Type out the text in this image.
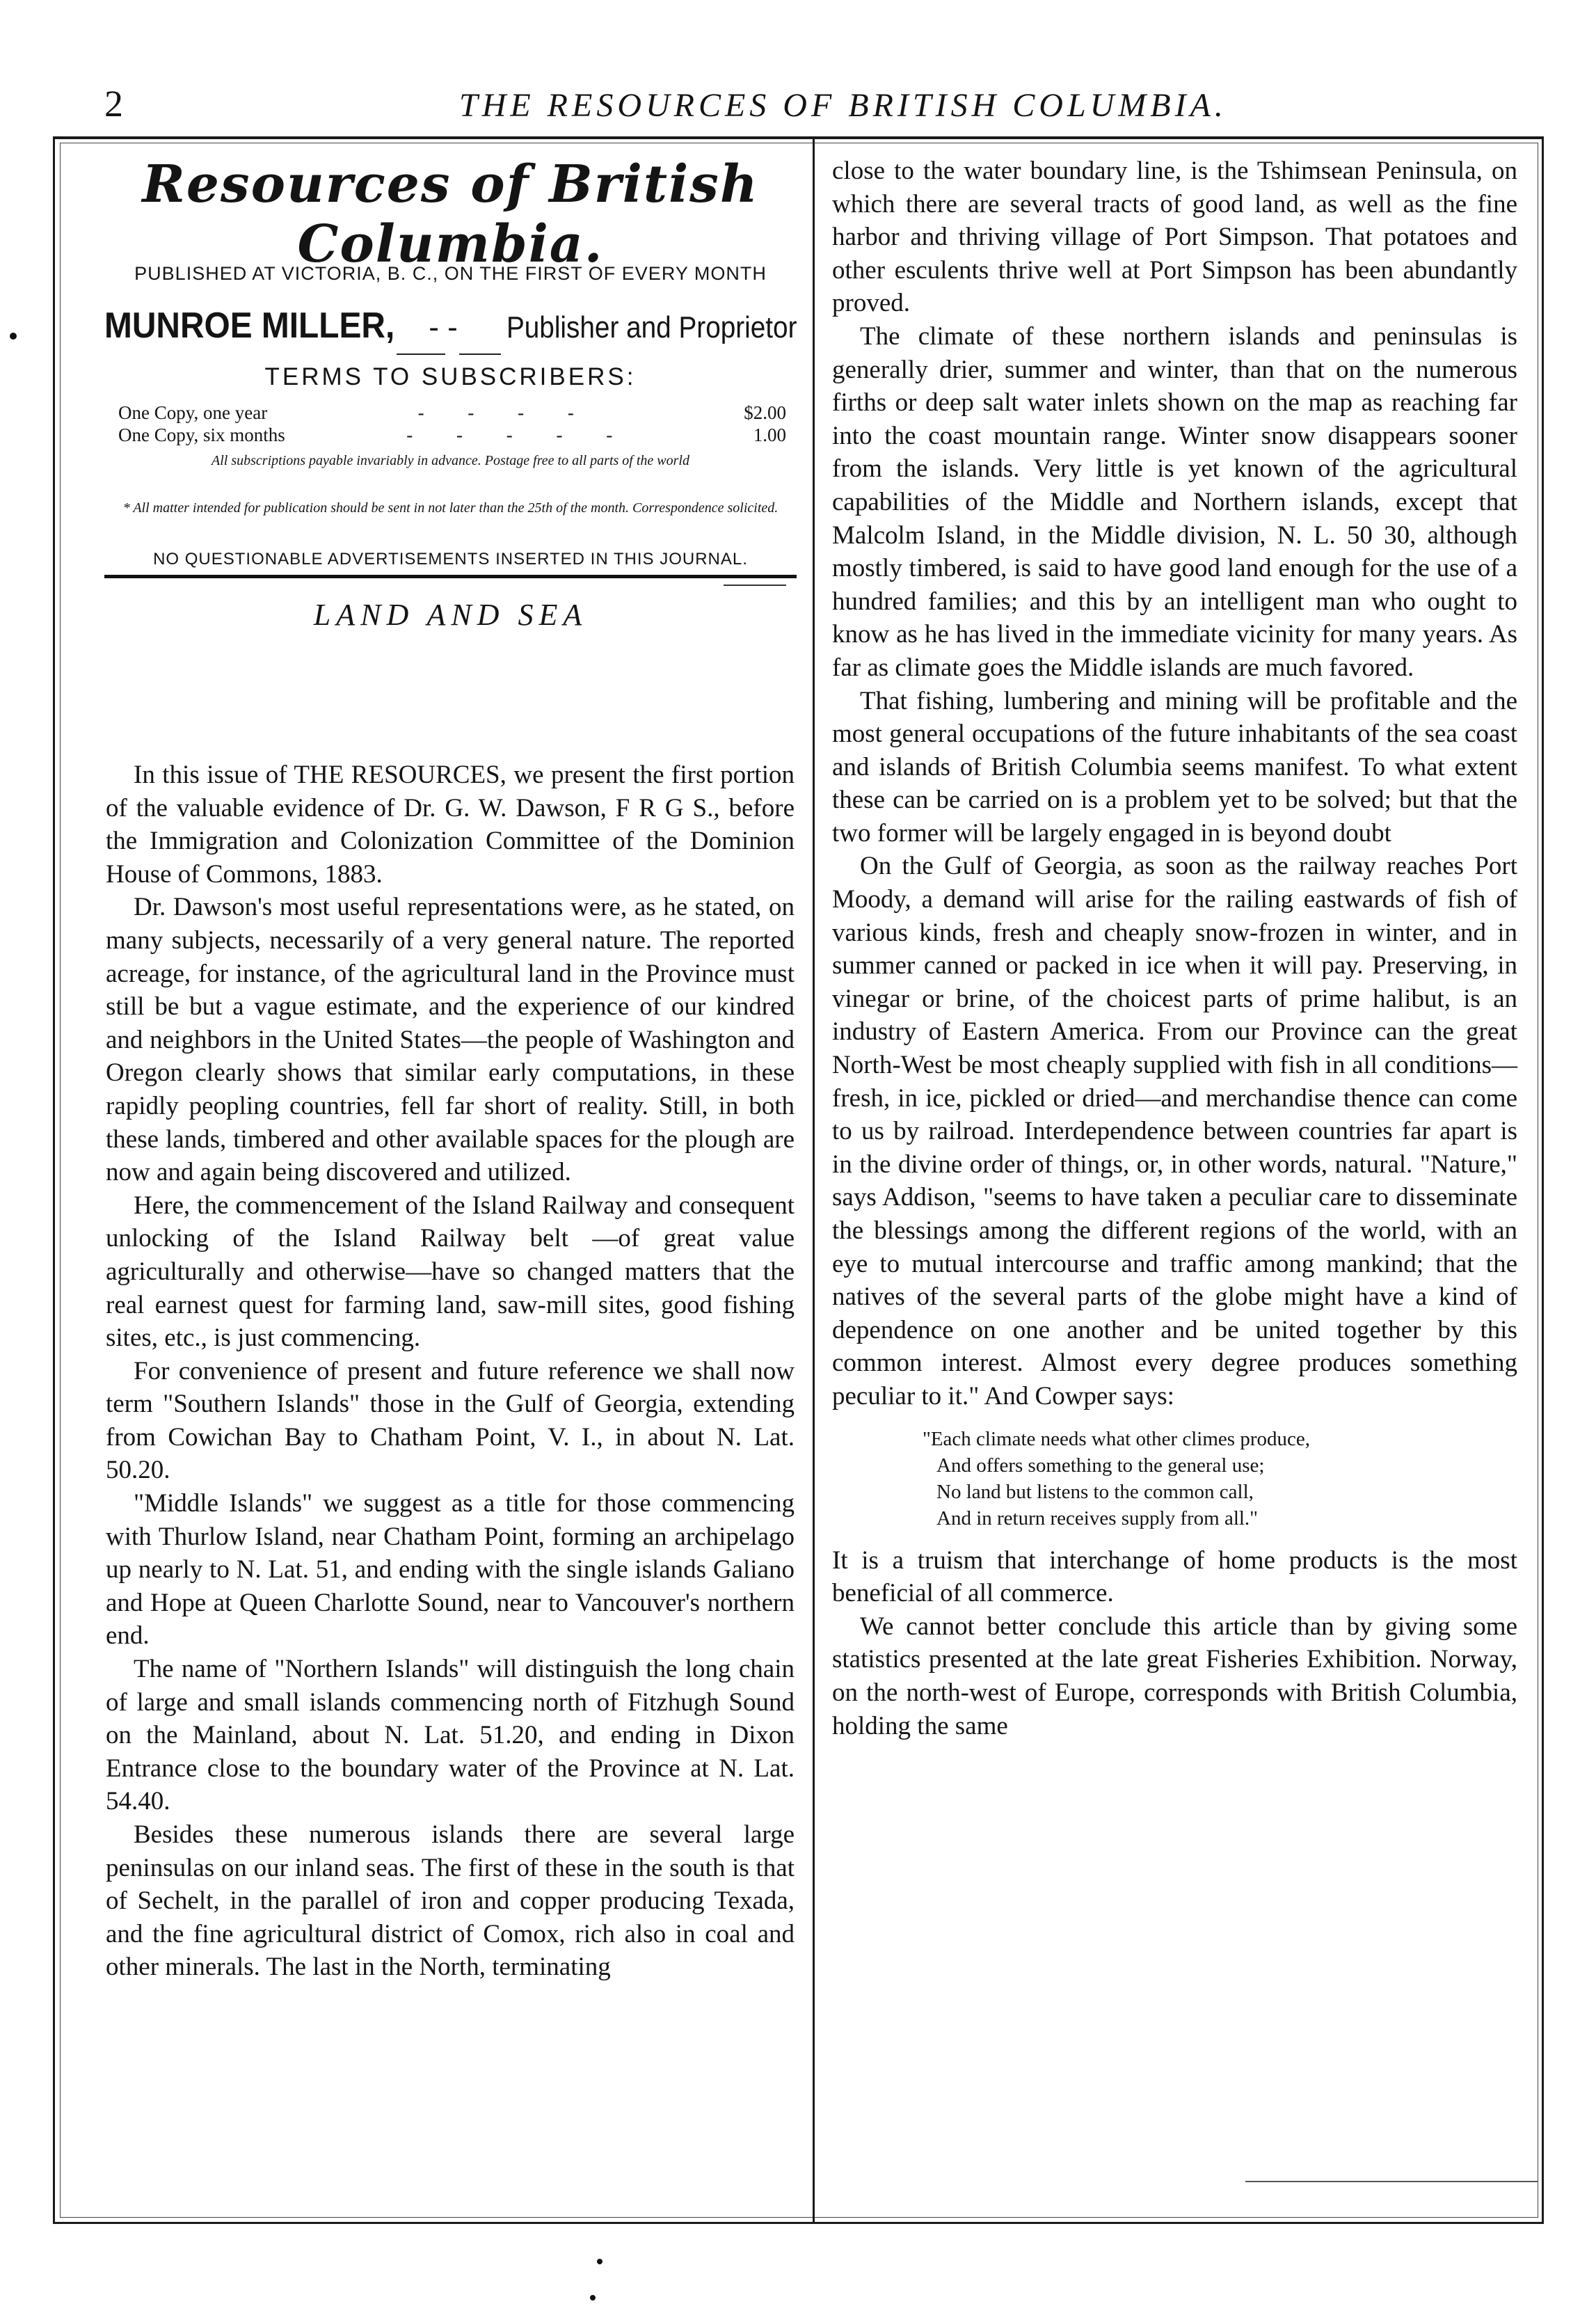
2	THE RESOURCES OF BRITISH COLUMBIA.
Resources of British Columbia.
PUBLISHED AT VICTORIA, B. C., ON THE FIRST OF EVERY MONTH
MUNROE MILLER, - - Publisher and Proprietor
TERMS TO SUBSCRIBERS:
One Copy, one year	- - - -	$2.00
One Copy, six months	- - - - -	1.00
All subscriptions payable invariably in advance. Postage free to all parts of the world
* All matter intended for publication should be sent in not later than the 25th of the month. Correspondence solicited.
NO QUESTIONABLE ADVERTISEMENTS INSERTED IN THIS JOURNAL.
LAND AND SEA

In this issue of THE RESOURCES, we present the first portion of the valuable evidence of Dr. G. W. Dawson, F R G S., before the Immigration and Colonization Committee of the Dominion House of Commons, 1883.

Dr. Dawson's most useful representations were, as he stated, on many subjects, necessarily of a very general nature. The reported acreage, for instance, of the agricultural land in the Province must still be but a vague estimate, and the experience of our kindred and neighbors in the United States—the people of Washington and Oregon clearly shows that similar early computations, in these rapidly peopling countries, fell far short of reality. Still, in both these lands, timbered and other available spaces for the plough are now and again being discovered and utilized.

Here, the commencement of the Island Railway and consequent unlocking of the Island Railway belt —of great value agriculturally and otherwise—have so changed matters that the real earnest quest for farming land, saw-mill sites, good fishing sites, etc., is just commencing.

For convenience of present and future reference we shall now term "Southern Islands" those in the Gulf of Georgia, extending from Cowichan Bay to Chatham Point, V. I., in about N. Lat. 50.20.

"Middle Islands" we suggest as a title for those commencing with Thurlow Island, near Chatham Point, forming an archipelago up nearly to N. Lat. 51, and ending with the single islands Galiano and Hope at Queen Charlotte Sound, near to Vancouver's northern end.

The name of "Northern Islands" will distinguish the long chain of large and small islands commencing north of Fitzhugh Sound on the Mainland, about N. Lat. 51.20, and ending in Dixon Entrance close to the boundary water of the Province at N. Lat. 54.40.

Besides these numerous islands there are several large peninsulas on our inland seas. The first of these in the south is that of Sechelt, in the parallel of iron and copper producing Texada, and the fine agricultural district of Comox, rich also in coal and other minerals. The last in the North, terminating

close to the water boundary line, is the Tshimsean Peninsula, on which there are several tracts of good land, as well as the fine harbor and thriving village of Port Simpson. That potatoes and other esculents thrive well at Port Simpson has been abundantly proved.

The climate of these northern islands and peninsulas is generally drier, summer and winter, than that on the numerous firths or deep salt water inlets shown on the map as reaching far into the coast mountain range. Winter snow disappears sooner from the islands. Very little is yet known of the agricultural capabilities of the Middle and Northern islands, except that Malcolm Island, in the Middle division, N. L. 50 30, although mostly timbered, is said to have good land enough for the use of a hundred families; and this by an intelligent man who ought to know as he has lived in the immediate vicinity for many years. As far as climate goes the Middle islands are much favored.

That fishing, lumbering and mining will be profitable and the most general occupations of the future inhabitants of the sea coast and islands of British Columbia seems manifest. To what extent these can be carried on is a problem yet to be solved; but that the two former will be largely engaged in is beyond doubt

On the Gulf of Georgia, as soon as the railway reaches Port Moody, a demand will arise for the railing eastwards of fish of various kinds, fresh and cheaply snow-frozen in winter, and in summer canned or packed in ice when it will pay. Preserving, in vinegar or brine, of the choicest parts of prime halibut, is an industry of Eastern America. From our Province can the great North-West be most cheaply supplied with fish in all conditions—fresh, in ice, pickled or dried—and merchandise thence can come to us by railroad. Interdependence between countries far apart is in the divine order of things, or, in other words, natural. "Nature," says Addison, "seems to have taken a peculiar care to disseminate the blessings among the different regions of the world, with an eye to mutual intercourse and traffic among mankind; that the natives of the several parts of the globe might have a kind of dependence on one another and be united together by this common interest. Almost every degree produces something peculiar to it." And Cowper says:

"Each climate needs what other climes produce,
And offers something to the general use;
No land but listens to the common call,
And in return receives supply from all."

It is a truism that interchange of home products is the most beneficial of all commerce.

We cannot better conclude this article than by giving some statistics presented at the late great Fisheries Exhibition. Norway, on the north-west of Europe, corresponds with British Columbia, holding the same
